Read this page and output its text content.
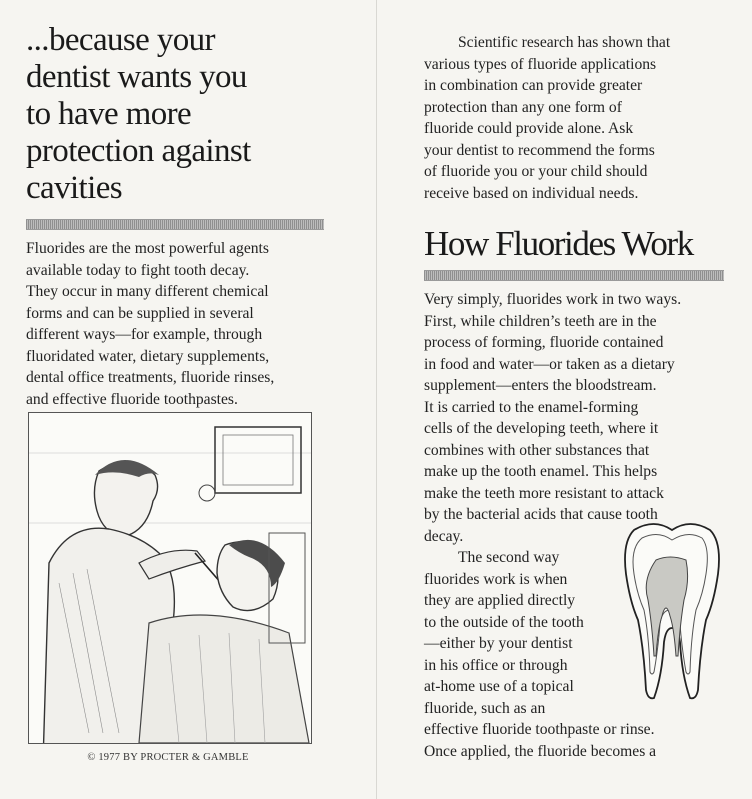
...because your
dentist wants you
to have more
protection against
cavities

Fluorides are the most powerful agents
available today to fight tooth decay.
They occur in many different chemical
forms and can be supplied in several
different ways—for example, through
fluoridated water, dietary supplements,
dental office treatments, fluoride rinses,
and effective fluoride toothpastes.

© 1977 BY PROCTER & GAMBLE

Scientific research has shown that
various types of fluoride applications
in combination can provide greater
protection than any one form of
fluoride could provide alone. Ask
your dentist to recommend the forms
of fluoride you or your child should
receive based on individual needs.

How Fluorides Work

Very simply, fluorides work in two ways.
First, while children’s teeth are in the
process of forming, fluoride contained
in food and water—or taken as a dietary
supplement—enters the bloodstream.
It is carried to the enamel-forming
cells of the developing teeth, where it
combines with other substances that
make up the tooth enamel. This helps
make the teeth more resistant to attack
by the bacterial acids that cause tooth
decay.

The second way
fluorides work is when
they are applied directly
to the outside of the tooth
—either by your dentist
in his office or through
at-home use of a topical
fluoride, such as an

effective fluoride toothpaste or rinse.
Once applied, the fluoride becomes a
